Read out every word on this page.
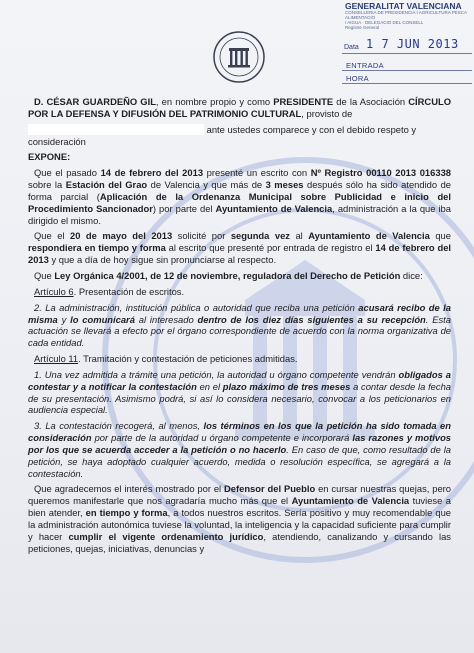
GENERALITAT VALENCIANA
CONSELLERIA DE PRESIDENCIA I AGRICULTURA PESCA ALIMENTACIO
I AIGUA · DELEGACIO DEL CONSELL
Registre General
Data 1 7 JUN 2013
ENTRADA
HORA

D. CÉSAR GUARDEÑO GIL, en nombre propio y como PRESIDENTE de la Asociación CÍRCULO POR LA DEFENSA Y DIFUSIÓN DEL PATRIMONIO CULTURAL, provisto de

ante ustedes comparece y con el debido respeto y
consideración

EXPONE:

Que el pasado 14 de febrero del 2013 presenté un escrito con Nº Registro 00110 2013 016338 sobre la Estación del Grao de Valencia y que más de 3 meses después sólo ha sido atendido de forma parcial (Aplicación de la Ordenanza Municipal sobre Publicidad e inicio del Procedimiento Sancionador) por parte del Ayuntamiento de Valencia, administración a la que iba dirigido el mismo.

Que el 20 de mayo del 2013 solicité por segunda vez al Ayuntamiento de Valencia que respondiera en tiempo y forma al escrito que presenté por entrada de registro el 14 de febrero del 2013 y que a día de hoy sigue sin pronunciarse al respecto.

Que Ley Orgánica 4/2001, de 12 de noviembre, reguladora del Derecho de Petición dice:

Artículo 6. Presentación de escritos.

2. La administración, institución pública o autoridad que reciba una petición acusará recibo de la misma y lo comunicará al interesado dentro de los diez días siguientes a su recepción. Esta actuación se llevará a efecto por el órgano correspondiente de acuerdo con la norma organizativa de cada entidad.

Artículo 11. Tramitación y contestación de peticiones admitidas.

1. Una vez admitida a trámite una petición, la autoridad u órgano competente vendrán obligados a contestar y a notificar la contestación en el plazo máximo de tres meses a contar desde la fecha de su presentación. Asimismo podrá, si así lo considera necesario, convocar a los peticionarios en audiencia especial.

3. La contestación recogerá, al menos, los términos en los que la petición ha sido tomada en consideración por parte de la autoridad u órgano competente e incorporará las razones y motivos por los que se acuerda acceder a la petición o no hacerlo. En caso de que, como resultado de la petición, se haya adoptado cualquier acuerdo, medida o resolución específica, se agregará a la contestación.

Que agradecemos el interés mostrado por el Defensor del Pueblo en cursar nuestras quejas, pero queremos manifestarle que nos agradaría mucho más que el Ayuntamiento de Valencia tuviese a bien atender, en tiempo y forma, a todos nuestros escritos. Sería positivo y muy recomendable que la administración autonómica tuviese la voluntad, la inteligencia y la capacidad suficiente para cumplir y hacer cumplir el vigente ordenamiento jurídico, atendiendo, canalizando y cursando las peticiones, quejas, iniciativas, denuncias y
